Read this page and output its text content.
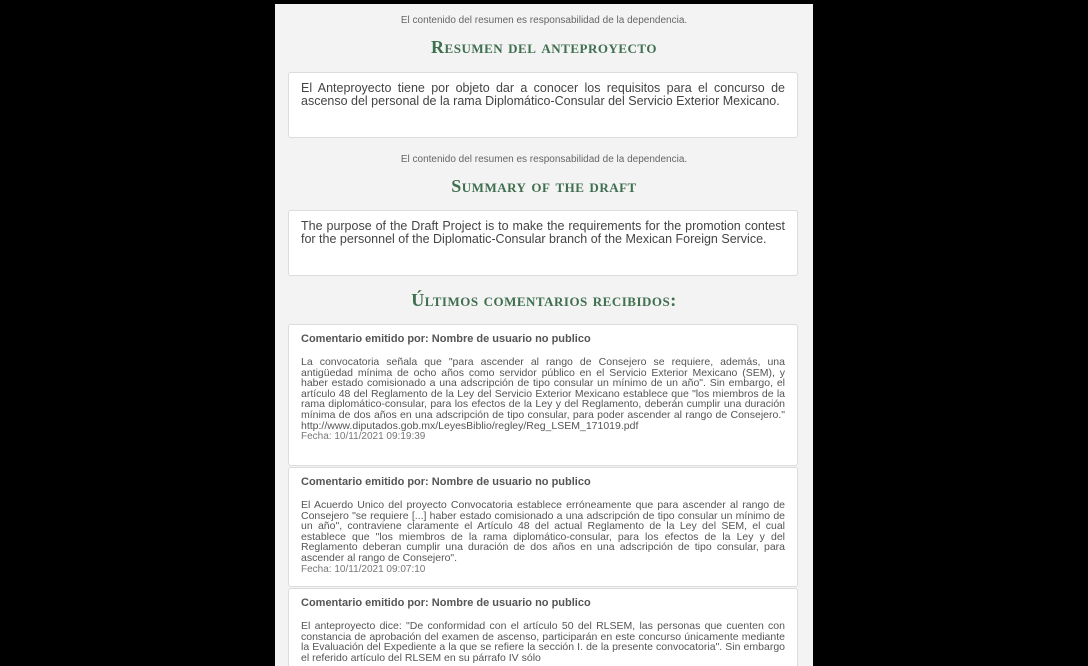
El contenido del resumen es responsabilidad de la dependencia.

Resumen del anteproyecto

El Anteproyecto tiene por objeto dar a conocer los requisitos para el concurso de ascenso del personal de la rama Diplomático-Consular del Servicio Exterior Mexicano.

El contenido del resumen es responsabilidad de la dependencia.

Summary of the draft

The purpose of the Draft Project is to make the requirements for the promotion contest for the personnel of the Diplomatic-Consular branch of the Mexican Foreign Service.

Últimos comentarios recibidos:

Comentario emitido por: Nombre de usuario no publico

La convocatoria señala que "para ascender al rango de Consejero se requiere, además, una antigüedad mínima de ocho años como servidor público en el Servicio Exterior Mexicano (SEM), y haber estado comisionado a una adscripción de tipo consular un mínimo de un año". Sin embargo, el artículo 48 del Reglamento de la Ley del Servicio Exterior Mexicano establece que "los miembros de la rama diplomático-consular, para los efectos de la Ley y del Reglamento, deberán cumplir una duración mínima de dos años en una adscripción de tipo consular, para poder ascender al rango de Consejero." http://www.diputados.gob.mx/LeyesBiblio/regley/Reg_LSEM_171019.pdf

Fecha: 10/11/2021 09:19:39

Comentario emitido por: Nombre de usuario no publico

El Acuerdo Unico del proyecto Convocatoria establece erróneamente que para ascender al rango de Consejero "se requiere [...] haber estado comisionado a una adscripción de tipo consular un mínimo de un año", contraviene claramente el Artículo 48 del actual Reglamento de la Ley del SEM, el cual establece que "los miembros de la rama diplomático-consular, para los efectos de la Ley y del Reglamento deberan cumplir una duración de dos años en una adscripción de tipo consular, para ascender al rango de Consejero".

Fecha: 10/11/2021 09:07:10

Comentario emitido por: Nombre de usuario no publico

El anteproyecto dice: "De conformidad con el artículo 50 del RLSEM, las personas que cuenten con constancia de aprobación del examen de ascenso, participarán en este concurso únicamente mediante la Evaluación del Expediente a la que se refiere la sección I. de la presente convocatoria". Sin embargo el referido artículo del RLSEM en su párrafo IV sólo
